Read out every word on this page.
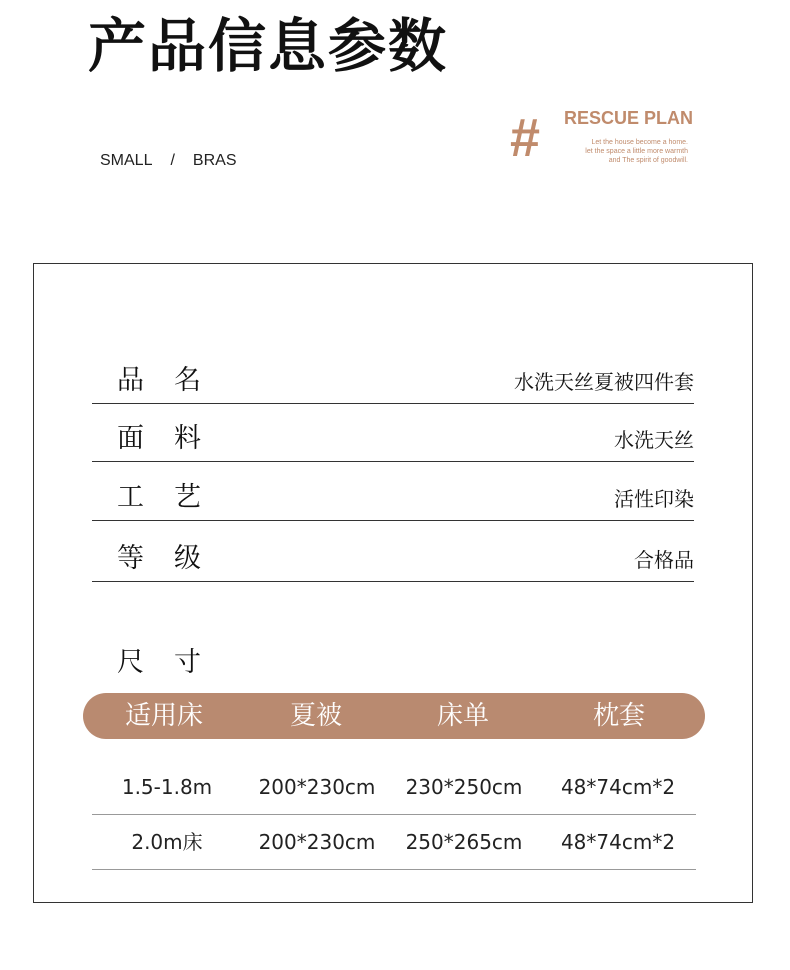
产品信息参数
SMALL / BRAS	# RESCUE PLAN
Let the house become a home.
let the space a little more warmth
and The spirit of goodwill.
品名	水洗天丝夏被四件套
面料	水洗天丝
工艺	活性印染
等级	合格品
尺寸
适用床	夏被	床单	枕套
1.5-1.8m	200*230cm	230*250cm	48*74cm*2
2.0m床	200*230cm	250*265cm	48*74cm*2
